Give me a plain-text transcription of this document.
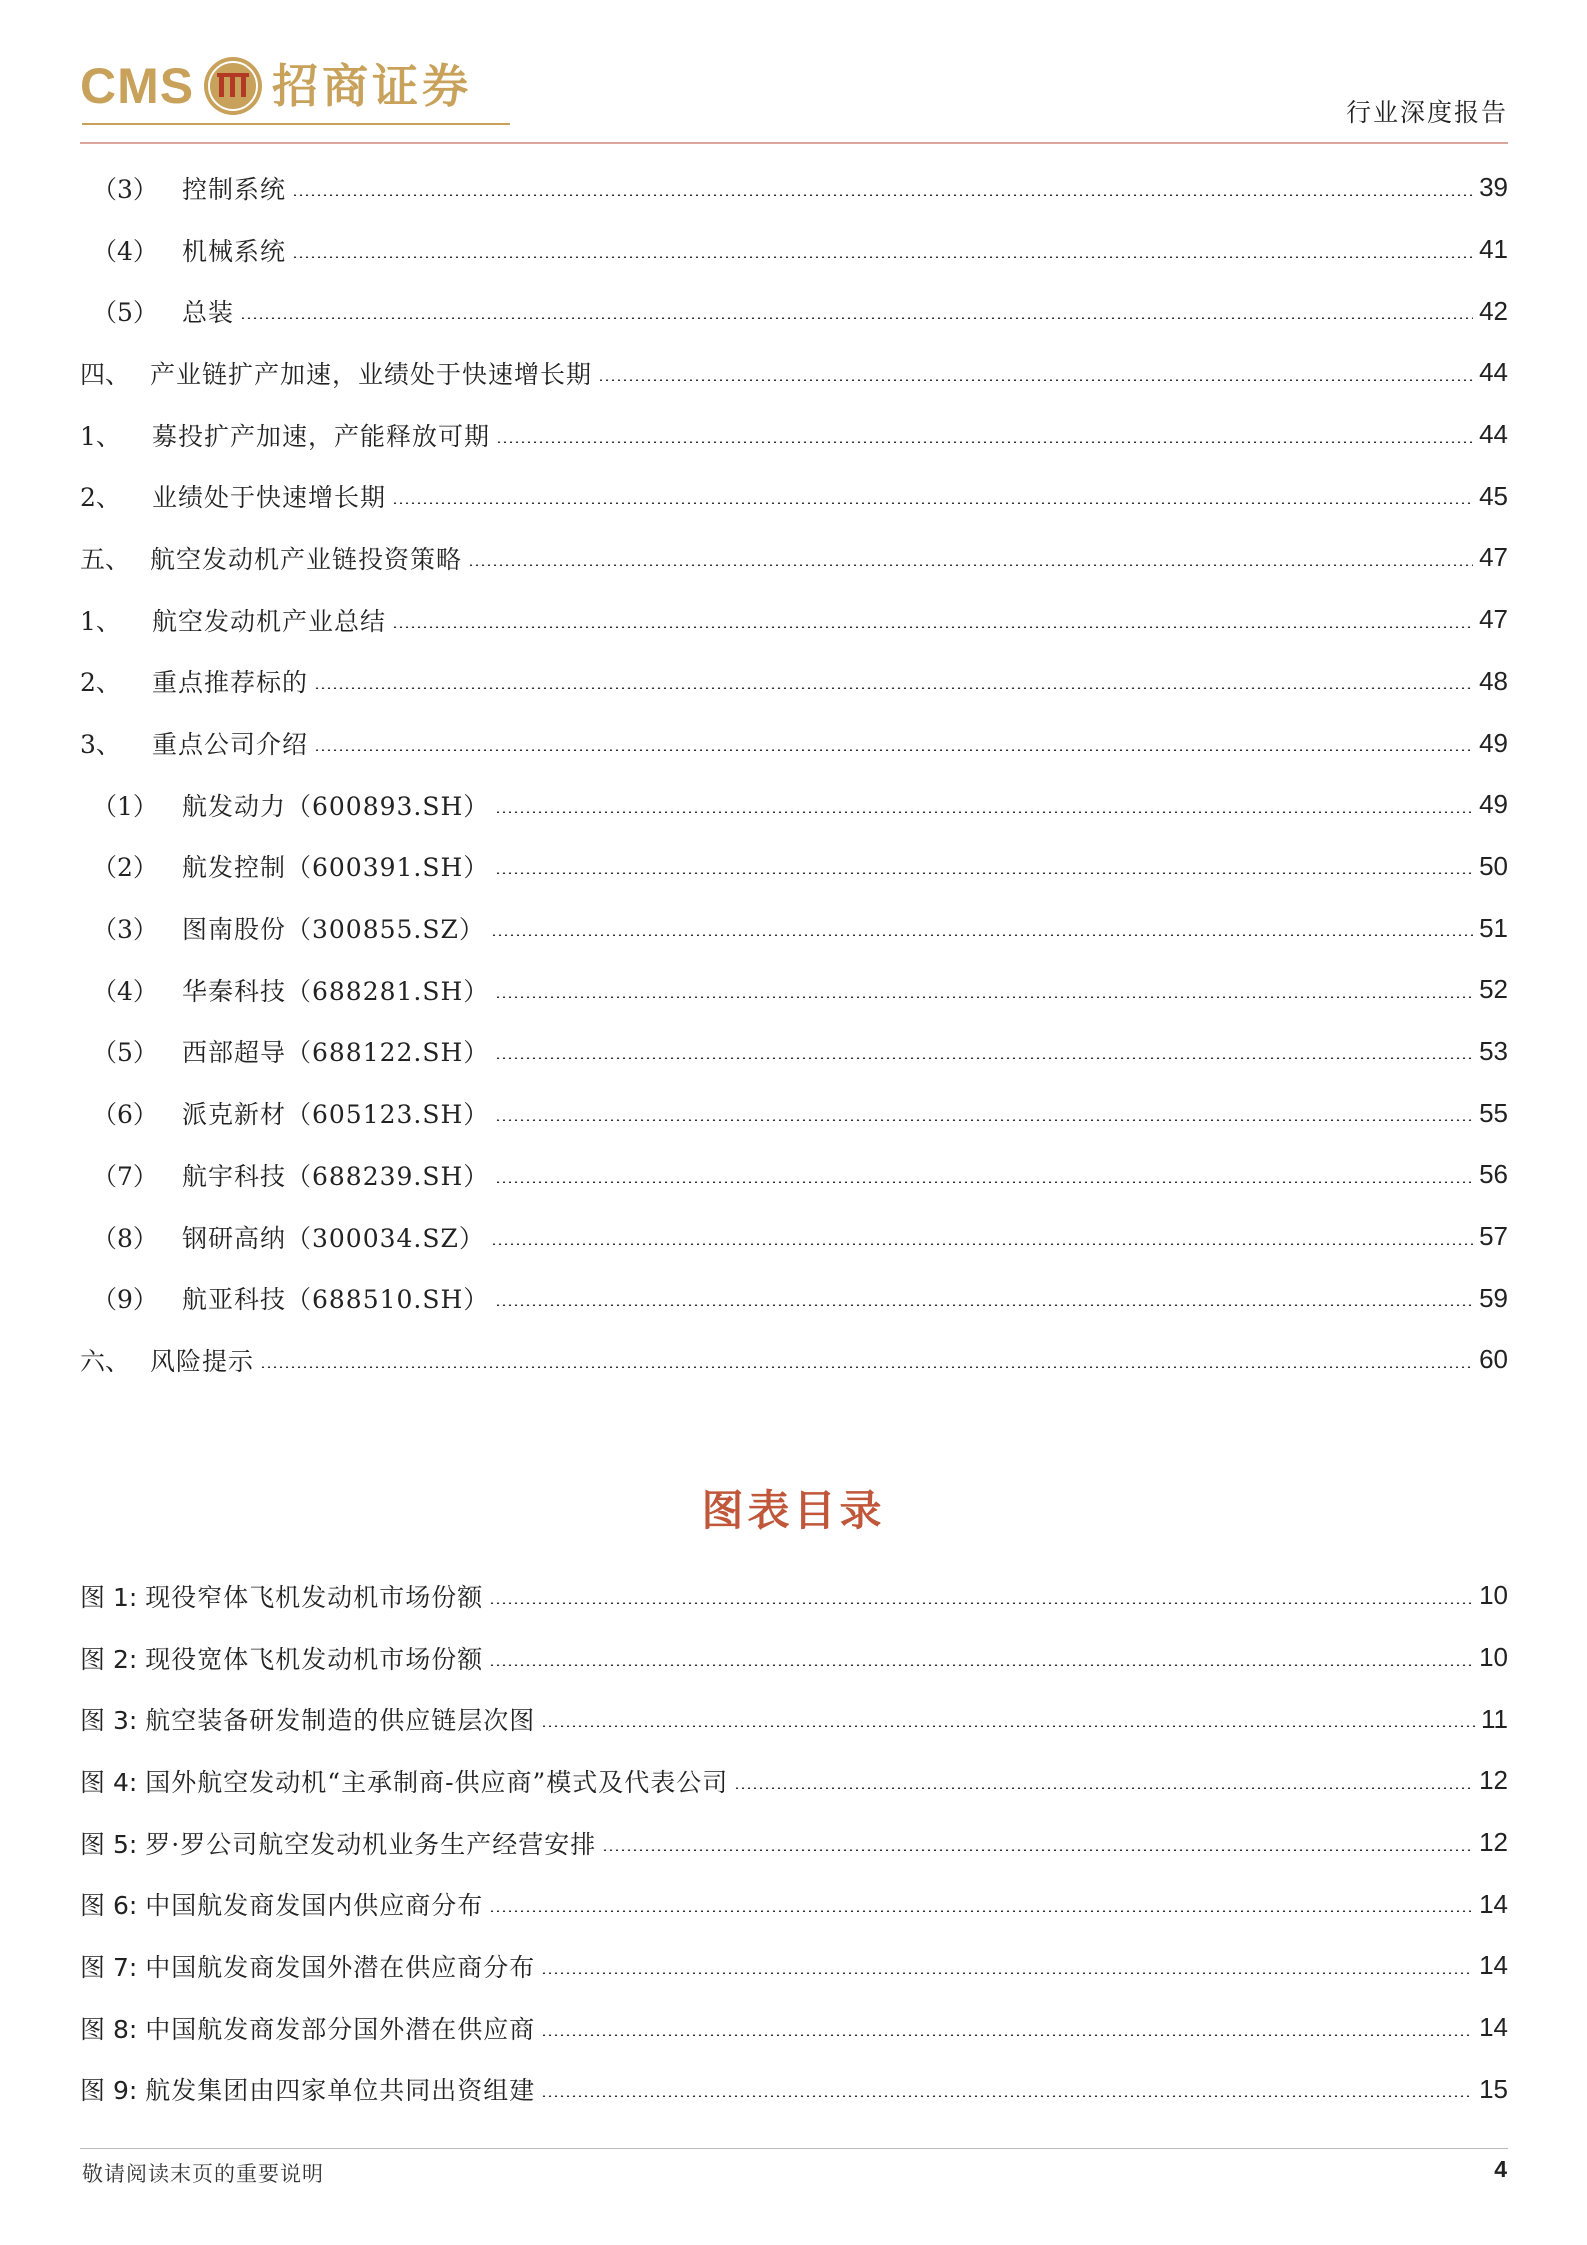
CMS 招商证券	行业深度报告
（3） 控制系统	39
（4） 机械系统	41
（5） 总装	42
四、 产业链扩产加速，业绩处于快速增长期	44
1、	募投扩产加速，产能释放可期	44
2、	业绩处于快速增长期	45
五、 航空发动机产业链投资策略	47
1、	航空发动机产业总结	47
2、	重点推荐标的	48
3、	重点公司介绍	49
（1） 航发动力（600893.SH）	49
（2） 航发控制（600391.SH）	50
（3） 图南股份（300855.SZ）	51
（4） 华秦科技（688281.SH）	52
（5） 西部超导（688122.SH）	53
（6） 派克新材（605123.SH）	55
（7） 航宇科技（688239.SH）	56
（8） 钢研高纳（300034.SZ）	57
（9） 航亚科技（688510.SH）	59
六、 风险提示	60
图表目录
图 1: 现役窄体飞机发动机市场份额	10
图 2: 现役宽体飞机发动机市场份额	10
图 3: 航空装备研发制造的供应链层次图	11
图 4: 国外航空发动机“主承制商-供应商”模式及代表公司	12
图 5: 罗·罗公司航空发动机业务生产经营安排	12
图 6: 中国航发商发国内供应商分布	14
图 7: 中国航发商发国外潜在供应商分布	14
图 8: 中国航发商发部分国外潜在供应商	14
图 9: 航发集团由四家单位共同出资组建	15
敬请阅读末页的重要说明	4
